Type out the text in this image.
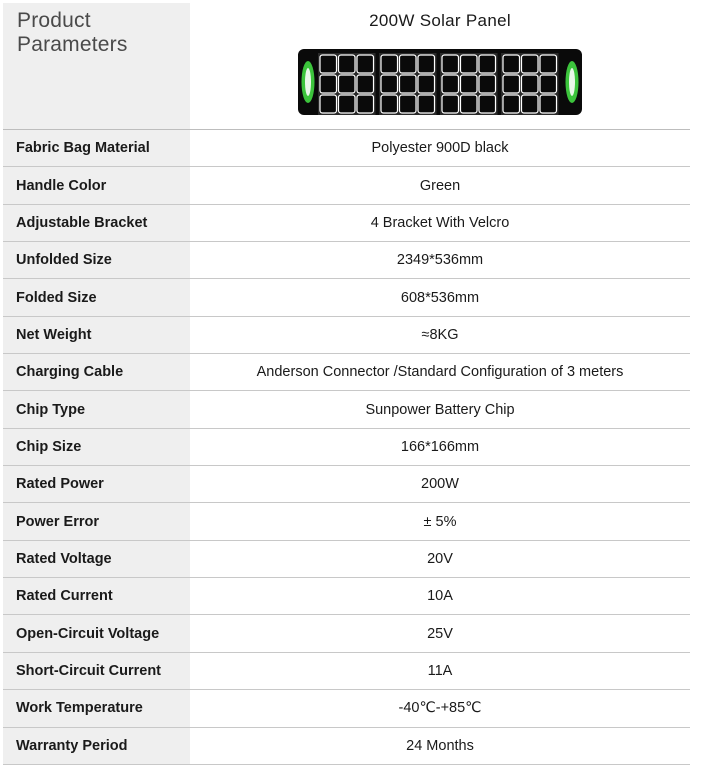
Product
Parameters
200W Solar Panel
Fabric Bag Material	Polyester 900D black
Handle Color	Green
Adjustable Bracket	4 Bracket With Velcro
Unfolded Size	2349*536mm
Folded Size	608*536mm
Net Weight	≈8KG
Charging Cable	Anderson Connector /Standard Configuration of 3 meters
Chip Type	Sunpower Battery Chip
Chip Size	166*166mm
Rated Power	200W
Power Error	± 5%
Rated Voltage	20V
Rated Current	10A
Open-Circuit Voltage	25V
Short-Circuit Current	11A
Work Temperature	-40℃-+85℃
Warranty Period	24 Months
